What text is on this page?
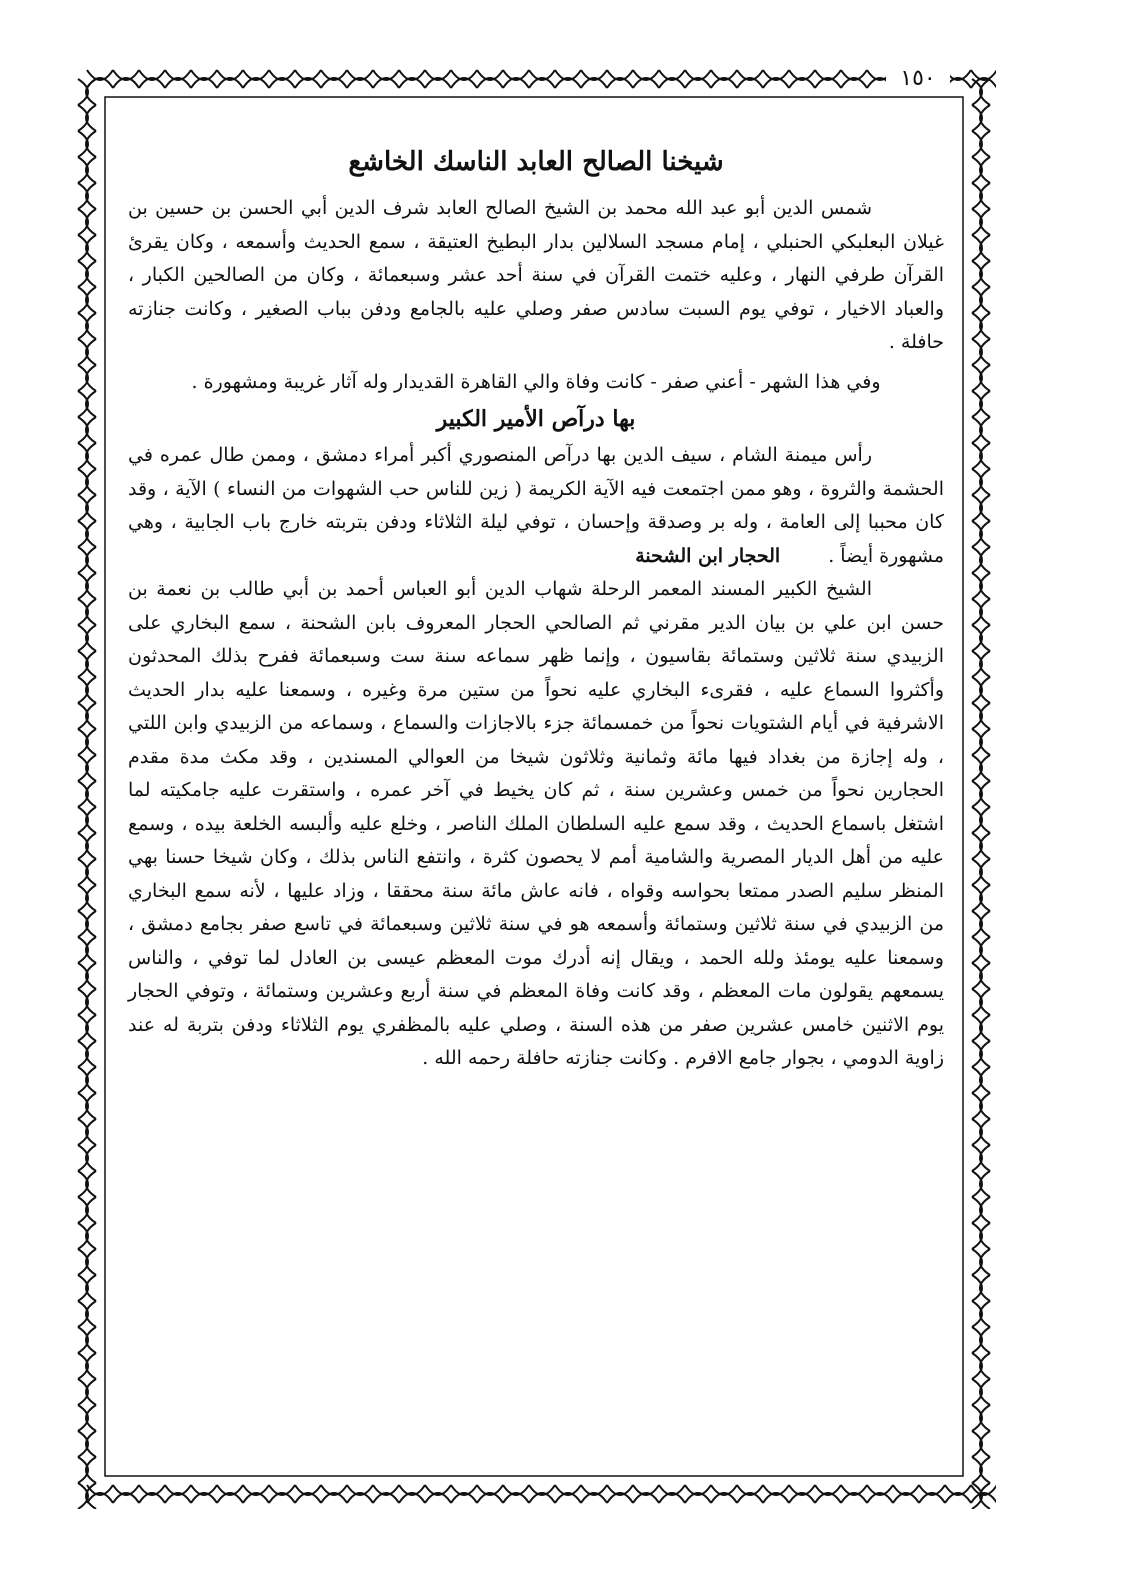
١٥٠

شيخنا الصالح العابد الناسك الخاشع

شمس الدين أبو عبد الله محمد بن الشيخ الصالح العابد شرف الدين أبي الحسن بن حسين بن غيلان البعلبكي الحنبلي ، إمام مسجد السلالين بدار البطيخ العتيقة ، سمع الحديث وأسمعه ، وكان يقرئ القرآن طرفي النهار ، وعليه ختمت القرآن في سنة أحد عشر وسبعمائة ، وكان من الصالحين الكبار ، والعباد الاخيار ، توفي يوم السبت سادس صفر وصلي عليه بالجامع ودفن بباب الصغير ، وكانت جنازته حافلة .

وفي هذا الشهر - أعني صفر - كانت وفاة والي القاهرة القديدار وله آثار غريبة ومشهورة .

بها درآص الأمير الكبير

رأس ميمنة الشام ، سيف الدين بها درآص المنصوري أكبر أمراء دمشق ، وممن طال عمره في الحشمة والثروة ، وهو ممن اجتمعت فيه الآية الكريمة ( زين للناس حب الشهوات من النساء ) الآية ، وقد كان محببا إلى العامة ، وله بر وصدقة وإحسان ، توفي ليلة الثلاثاء ودفن بتربته خارج باب الجابية ، وهي مشهورة أيضاً .الحجار ابن الشحنة

الشيخ الكبير المسند المعمر الرحلة شهاب الدين أبو العباس أحمد بن أبي طالب بن نعمة بن حسن ابن علي بن بيان الدير مقرني ثم الصالحي الحجار المعروف بابن الشحنة ، سمع البخاري على الزبيدي سنة ثلاثين وستمائة بقاسيون ، وإنما ظهر سماعه سنة ست وسبعمائة ففرح بذلك المحدثون وأكثروا السماع عليه ، فقرىء البخاري عليه نحواً من ستين مرة وغيره ، وسمعنا عليه بدار الحديث الاشرفية في أيام الشتويات نحواً من خمسمائة جزء بالاجازات والسماع ، وسماعه من الزبيدي وابن اللتي ، وله إجازة من بغداد فيها مائة وثمانية وثلاثون شيخا من العوالي المسندين ، وقد مكث مدة مقدم الحجارين نحواً من خمس وعشرين سنة ، ثم كان يخيط في آخر عمره ، واستقرت عليه جامكيته لما اشتغل باسماع الحديث ، وقد سمع عليه السلطان الملك الناصر ، وخلع عليه وألبسه الخلعة بيده ، وسمع عليه من أهل الديار المصرية والشامية أمم لا يحصون كثرة ، وانتفع الناس بذلك ، وكان شيخا حسنا بهي المنظر سليم الصدر ممتعا بحواسه وقواه ، فانه عاش مائة سنة محققا ، وزاد عليها ، لأنه سمع البخاري من الزبيدي في سنة ثلاثين وستمائة وأسمعه هو في سنة ثلاثين وسبعمائة في تاسع صفر بجامع دمشق ، وسمعنا عليه يومئذ ولله الحمد ، ويقال إنه أدرك موت المعظم عيسى بن العادل لما توفي ، والناس يسمعهم يقولون مات المعظم ، وقد كانت وفاة المعظم في سنة أربع وعشرين وستمائة ، وتوفي الحجار يوم الاثنين خامس عشرين صفر من هذه السنة ، وصلي عليه بالمظفري يوم الثلاثاء ودفن بتربة له عند زاوية الدومي ، بجوار جامع الافرم . وكانت جنازته حافلة رحمه الله .
